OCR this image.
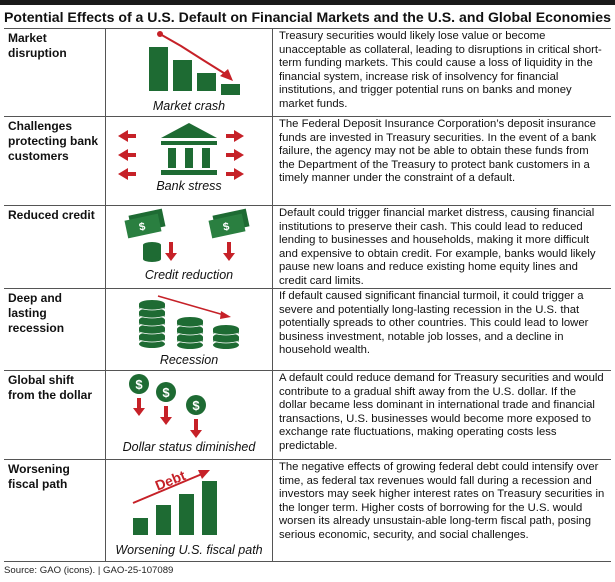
Potential Effects of a U.S. Default on Financial Markets and the U.S. and Global Economies
Market disruption
Market crash
Treasury securities would likely lose value or become unacceptable as collateral, leading to disruptions in critical short-term funding markets. This could cause a loss of liquidity in the financial system, increase risk of insolvency for financial institutions, and trigger potential runs on banks and money market funds.
Challenges protecting bank customers
Bank stress
The Federal Deposit Insurance Corporation’s deposit insurance funds are invested in Treasury securities. In the event of a bank failure, the agency may not be able to obtain these funds from the Department of the Treasury to protect bank customers in a timely manner under the constraint of a default.
Reduced credit
$	$
Credit reduction
Default could trigger financial market distress, causing financial institutions to preserve their cash. This could lead to reduced lending to businesses and households, making it more difficult and expensive to obtain credit. For example, banks would likely pause new loans and reduce existing home equity lines and credit card limits.
Deep and lasting recession
Recession
If default caused significant financial turmoil, it could trigger a severe and potentially long-lasting recession in the U.S. that potentially spreads to other countries. This could lead to lower business investment, notable job losses, and a decline in household wealth.
Global shift from the dollar
$
$
$
Dollar status diminished
A default could reduce demand for Treasury securities and would contribute to a gradual shift away from the U.S. dollar. If the dollar became less dominant in international trade and financial transactions, U.S. businesses would become more exposed to exchange rate fluctuations, making operating costs less predictable.
Worsening fiscal path	Debt
Worsening U.S. fiscal path
The negative effects of growing federal debt could intensify over time, as federal tax revenues would fall during a recession and investors may seek higher interest rates on Treasury securities in the longer term. Higher costs of borrowing for the U.S. would worsen its already unsustain-able long-term fiscal path, posing serious economic, security, and social challenges.
Source: GAO (icons). | GAO-25-107089
